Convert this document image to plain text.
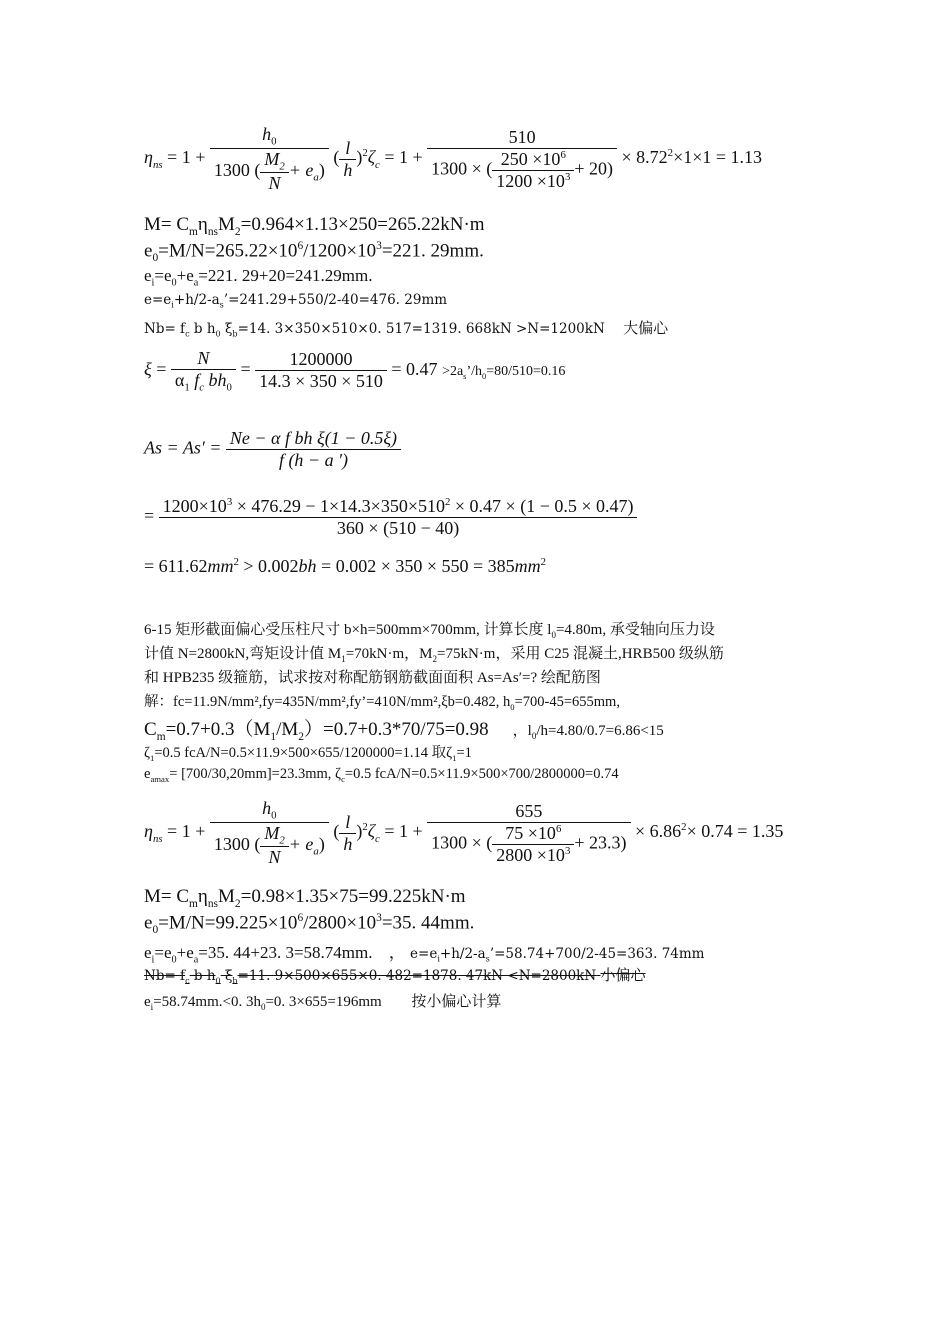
$\eta_{ns} = 1 + \frac{h_0}{1300 ( \frac{M_2}{N} + e_a)}$ ( $\frac{l}{h} )^2\zeta_c = 1 + \frac{510}{1300 \times ( \frac{250 \times 10^6}{1200 \times 10^3} + 20)} \times 8.72^2\times 1\times 1 = 1.13$
$M= C_m\eta_{ns}M_2=0.964\times 1.13\times 250=265.22kN\cdot m$
$e_0=M/N=265.22\times 10^6/1200\times 10^3=221$. 29mm.
$e_i=e_0+e_a=221$. 29+20=241.29mm.
$e=e_i+h/2-a_s’=241.29+550/2-40=476$. 29mm
$Nb= f_c$ b $h_0$ $\xi_b=14$. 3×350×510×0. 517=1319. 668kN >N=1200kN 大偏心
$\xi = \frac{N}{\alpha_1 f_c bh_0} = \frac{1200000}{14.3 \times 350 \times 510} = 0.47$ $>2a_s’/h_0=80/510=0.16$
$As = As' = \frac{\text{Ne − α f bh ξ(1 − 0.5ξ)}}{f (h - a ')}$
= $1200\times 10^3 \times 476.29 - 1\times 14.3\times 350\times 510^2 \times 0.47 \times (1 - 0.5 \times 0.47)$
360 × (510 − 40)
= $611.62mm^2 > 0.002bh = 0.002 \times 350 \times 550 = 385mm^2$
6-15 矩形截面偏心受压柱尺寸 b×h=500mm×700mm, 计算长度 $l_0=4.80m$, 承受轴向压力设
计值 N=2800kN,弯矩设计值 $M_1=70kN\cdot m$，$M_2=75kN\cdot m$，采用 C25 混凝土,HRB500 级纵筋
和 HPB235 级箍筋，试求按对称配筋钢筋截面面积 As=As′=? 绘配筋图
解：fc=11.9N/mm²,fy=435N/mm²,fy’=410N/mm²,ξb=0.482, $h_0=700-45=655mm$,
$C_m=0.7+0.3(M_1/M_2)=0.7+0.3*70/75=0.98$ ，$l_0/h=4.80/0.7=6.86<15$
$\zeta_1=0.5$ fcA/N=0.5×11.9×500×655/1200000=1.14 取$\zeta_1=1$
$e_{amax}= [700/30,20mm]=23.3mm$, $\zeta_c=0.5$ fcA/N=0.5×11.9×500×700/2800000=0.74
$\eta_{ns} = 1 + \frac{h_0}{1300 ( \frac{M_2}{N} + e_a)}$ ( $\frac{l}{h} )^2\zeta_c = 1 + \frac{655}{1300 \times ( \frac{75 \times 10^6}{2800 \times 10^3} + 23.3)} \times 6.86^2\times 0.74 = 1.35$
$M= C_m\eta_{ns}M_2=0.98\times 1.35\times 75=99.225kN\cdot m$
$e_0=M/N=99.225\times 10^6/2800\times 10^3=35$. 44mm.
$e_i=e_0+e_a=35$. 44+23. 3=58.74mm. ， $e=e_i+h/2-a_s’=58.74+700/2-45=363$. 74mm
$Nb= f_c$ b $h_0$ $\xi_b=11$. 9×500×655×0. 482=1878. 47kN <N=2800kN 小偏心
$e_i=58.74mm.<0$. $3h_0=0$. 3×655=196mm 按小偏心计算
